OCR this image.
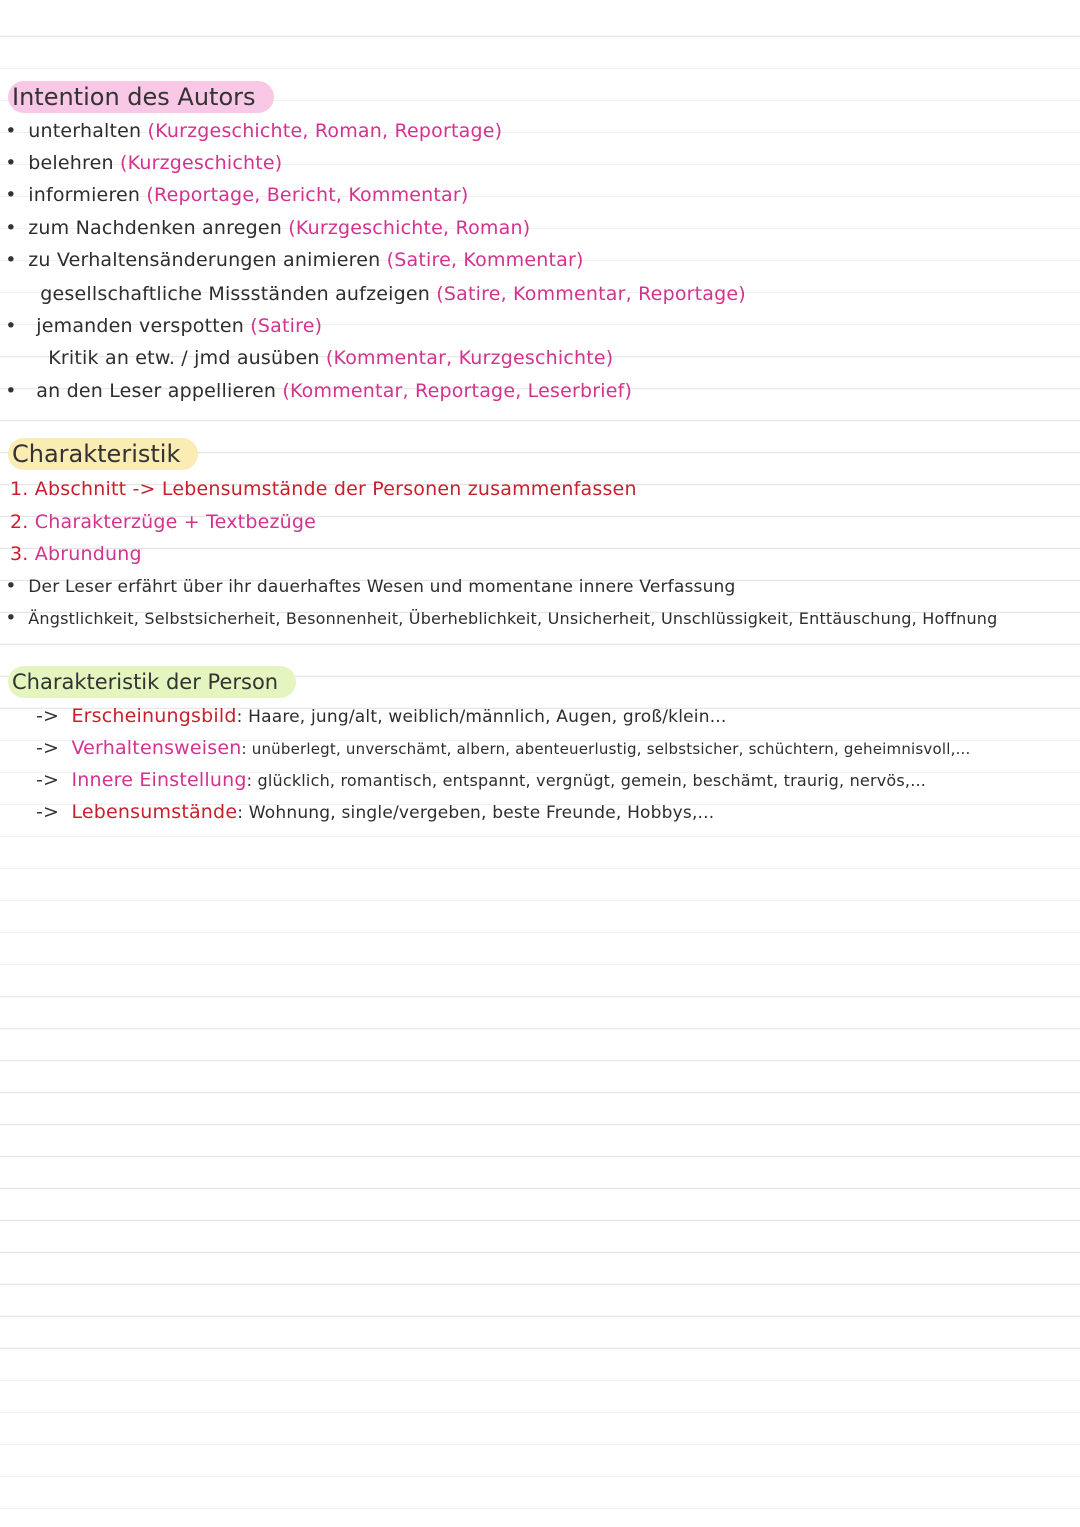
Intention des Autors
• unterhalten (Kurzgeschichte, Roman, Reportage)
• belehren (Kurzgeschichte)
• informieren (Reportage, Bericht, Kommentar)
• zum Nachdenken anregen (Kurzgeschichte, Roman)
• zu Verhaltensänderungen animieren (Satire, Kommentar)
gesellschaftliche Missständen aufzeigen (Satire, Kommentar, Reportage)
• jemanden verspotten (Satire)
Kritik an etw. / jmd ausüben (Kommentar, Kurzgeschichte)
• an den Leser appellieren (Kommentar, Reportage, Leserbrief)
Charakteristik
1. Abschnitt -> Lebensumstände der Personen zusammenfassen
2. Charakterzüge + Textbezüge
3. Abrundung
• Der Leser erfährt über ihr dauerhaftes Wesen und momentane innere Verfassung
• Ängstlichkeit, Selbstsicherheit, Besonnenheit, Überheblichkeit, Unsicherheit, Unschlüssigkeit, Enttäuschung, Hoffnung
Charakteristik der Person
-> Erscheinungsbild: Haare, jung/alt, weiblich/männlich, Augen, groß/klein...
-> Verhaltensweisen: unüberlegt, unverschämt, albern, abenteuerlustig, selbstsicher, schüchtern, geheimnisvoll,...
-> Innere Einstellung: glücklich, romantisch, entspannt, vergnügt, gemein, beschämt, traurig, nervös,...
-> Lebensumstände: Wohnung, single/vergeben, beste Freunde, Hobbys,...
